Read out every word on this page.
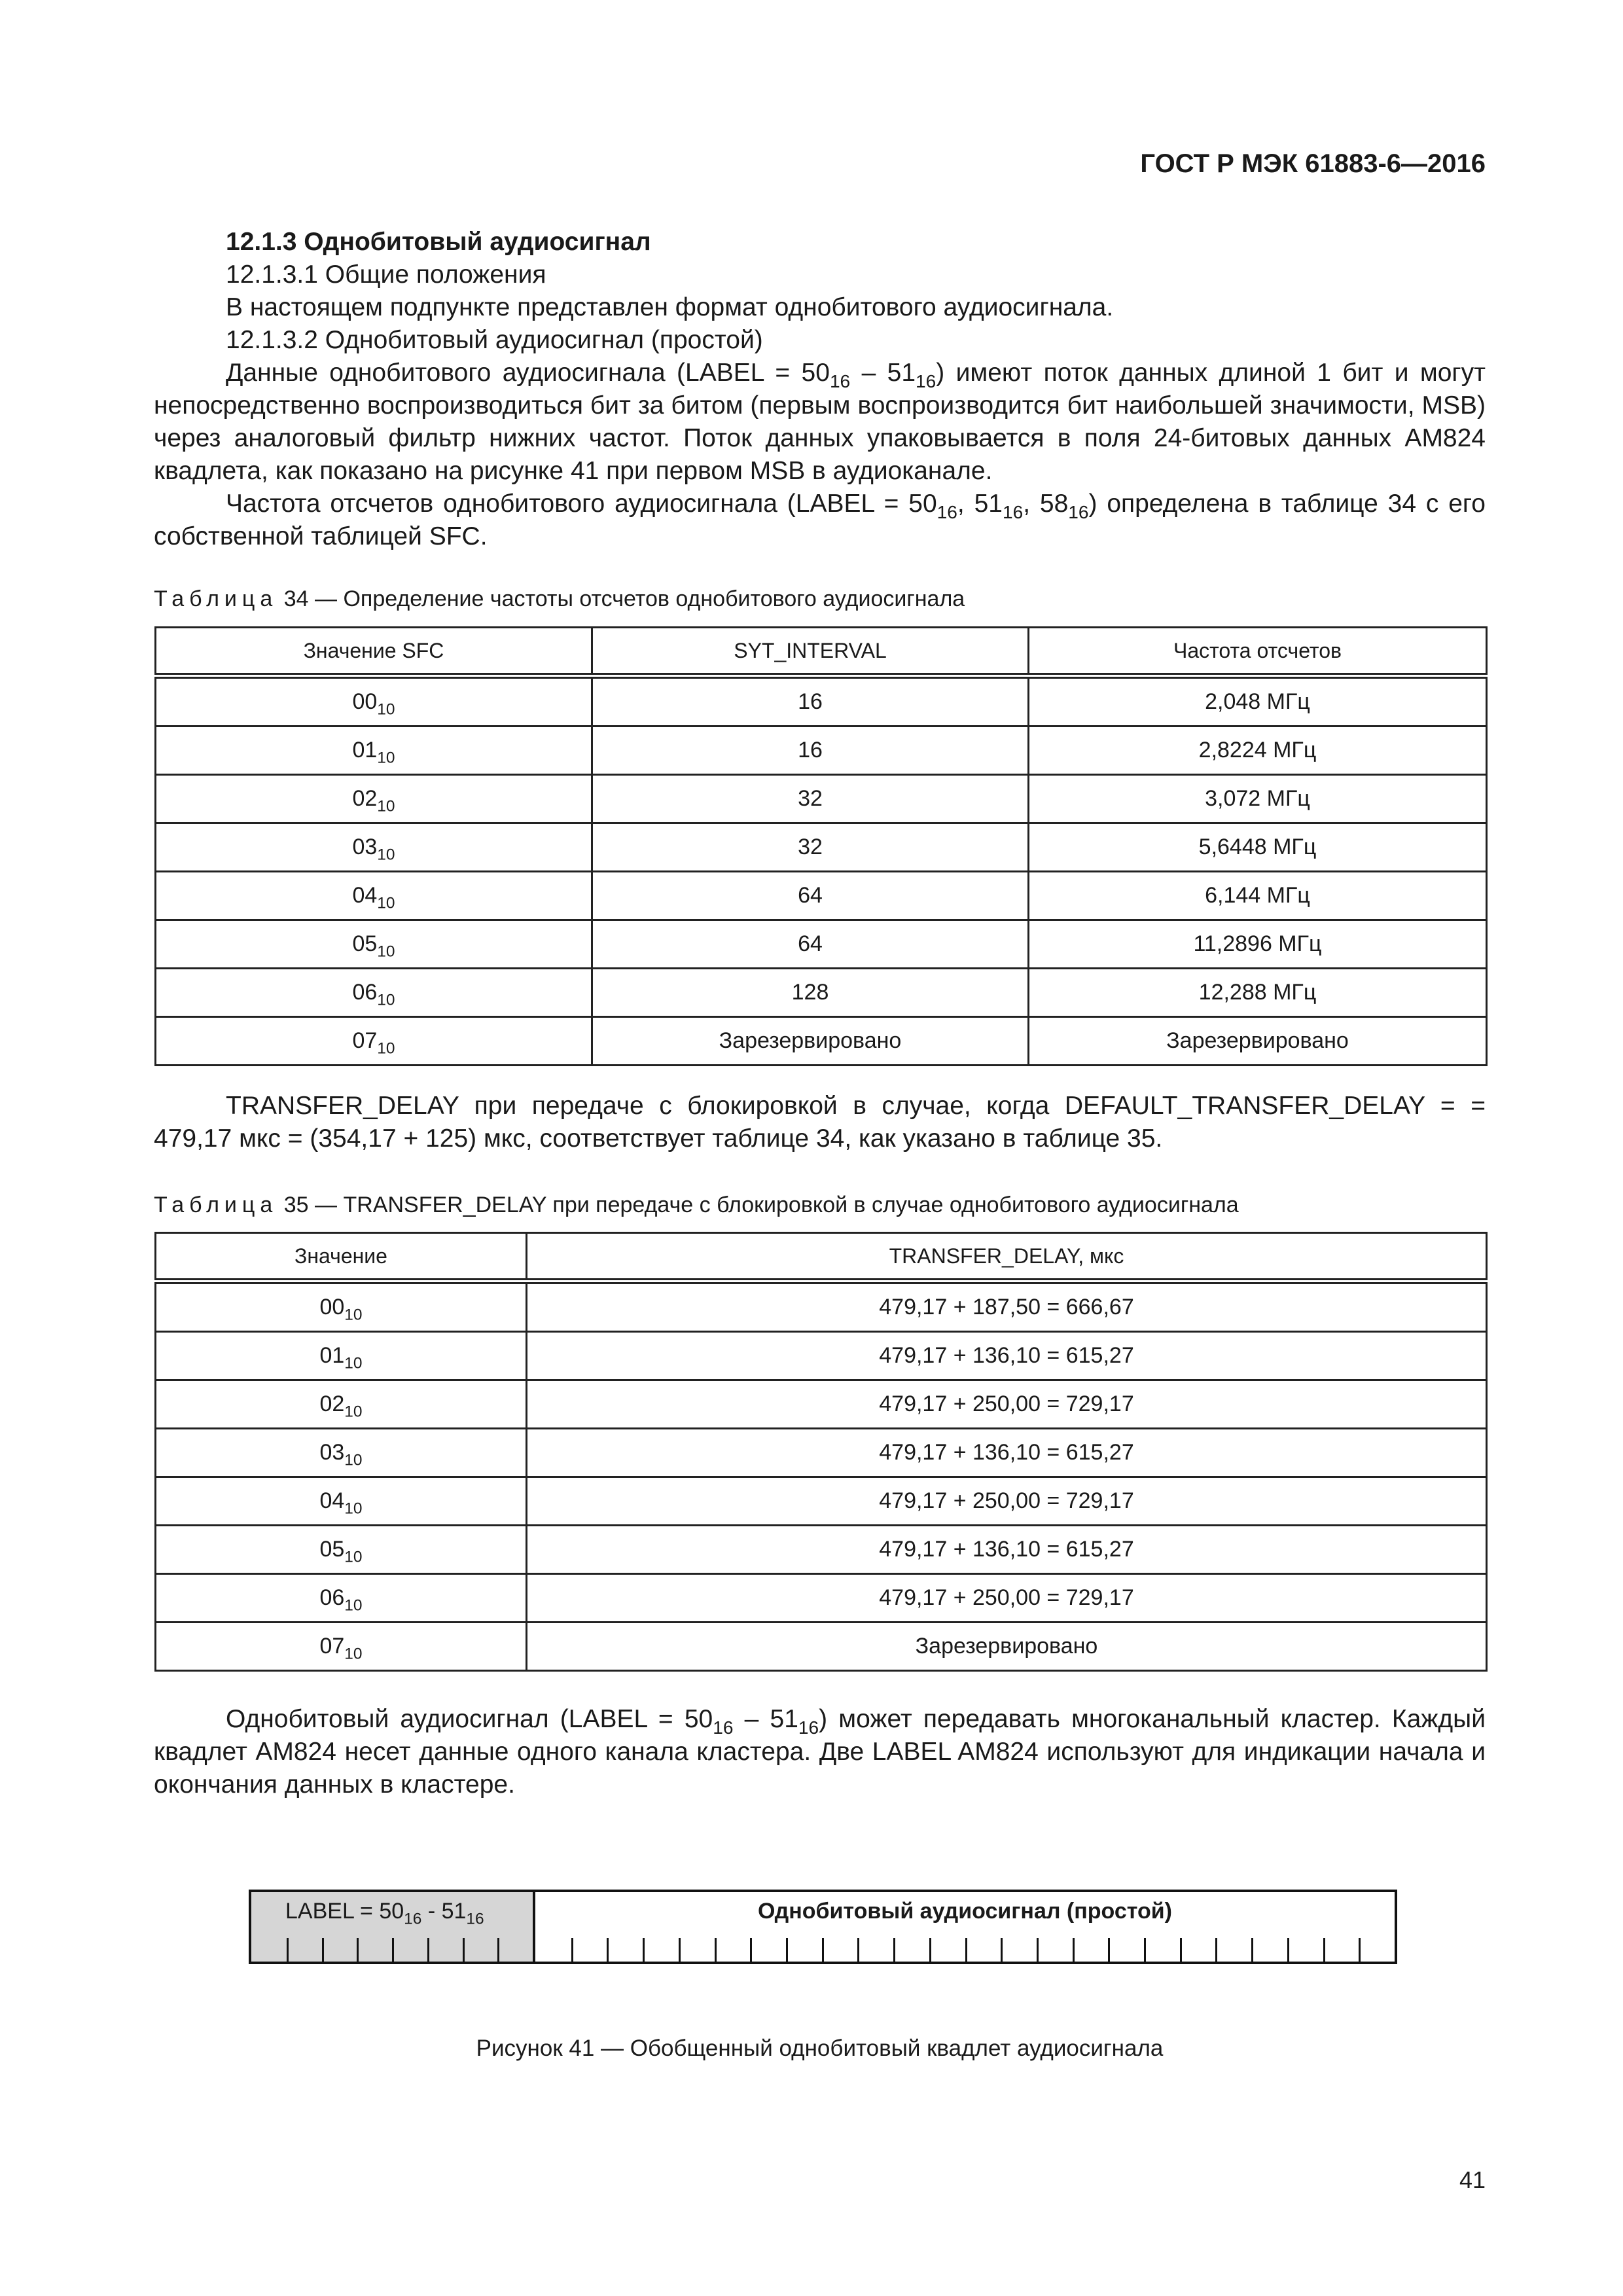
ГОСТ Р МЭК 61883-6—2016
12.1.3 Однобитовый аудиосигнал
12.1.3.1 Общие положения
В настоящем подпункте представлен формат однобитового аудиосигнала.
12.1.3.2 Однобитовый аудиосигнал (простой)
Данные однобитового аудиосигнала (LABEL = $50_{16} - 51_{16}$) имеют поток данных длиной 1 бит и могут непосредственно воспроизводиться бит за битом (первым воспроизводится бит наибольшей значимости, MSB) через аналоговый фильтр нижних частот. Поток данных упаковывается в поля 24-битовых данных AM824 квадлета, как показано на рисунке 41 при первом MSB в аудиоканале.
Частота отсчетов однобитового аудиосигнала (LABEL = $50_{16}$, $51_{16}$, $58_{16}$) определена в таблице 34 с его собственной таблицей SFC.
Таблица 34 — Определение частоты отсчетов однобитового аудиосигнала
Значение SFC	SYT_INTERVAL	Частота отсчетов
$00_{10}$	16	2,048 МГц
$01_{10}$	16	2,8224 МГц
$02_{10}$	32	3,072 МГц
$03_{10}$	32	5,6448 МГц
$04_{10}$	64	6,144 МГц
$05_{10}$	64	11,2896 МГц
$06_{10}$	128	12,288 МГц
$07_{10}$	Зарезервировано	Зарезервировано
TRANSFER_DELAY при передаче с блокировкой в случае, когда DEFAULT_TRANSFER_DELAY = = 479,17 мкс = (354,17 + 125) мкс, соответствует таблице 34, как указано в таблице 35.
Таблица 35 — TRANSFER_DELAY при передаче с блокировкой в случае однобитового аудиосигнала
Значение	TRANSFER_DELAY, мкс
$00_{10}$	479,17 + 187,50 = 666,67
$01_{10}$	479,17 + 136,10 = 615,27
$02_{10}$	479,17 + 250,00 = 729,17
$03_{10}$	479,17 + 136,10 = 615,27
$04_{10}$	479,17 + 250,00 = 729,17
$05_{10}$	479,17 + 136,10 = 615,27
$06_{10}$	479,17 + 250,00 = 729,17
$07_{10}$	Зарезервировано
Однобитовый аудиосигнал (LABEL = $50_{16} - 51_{16}$) может передавать многоканальный кластер. Каждый квадлет AM824 несет данные одного канала кластера. Две LABEL AM824 используют для индикации начала и окончания данных в кластере.
LABEL = $50_{16} - 51_{16}$	Однобитовый аудиосигнал (простой)
Рисунок 41 — Обобщенный однобитовый квадлет аудиосигнала
41
